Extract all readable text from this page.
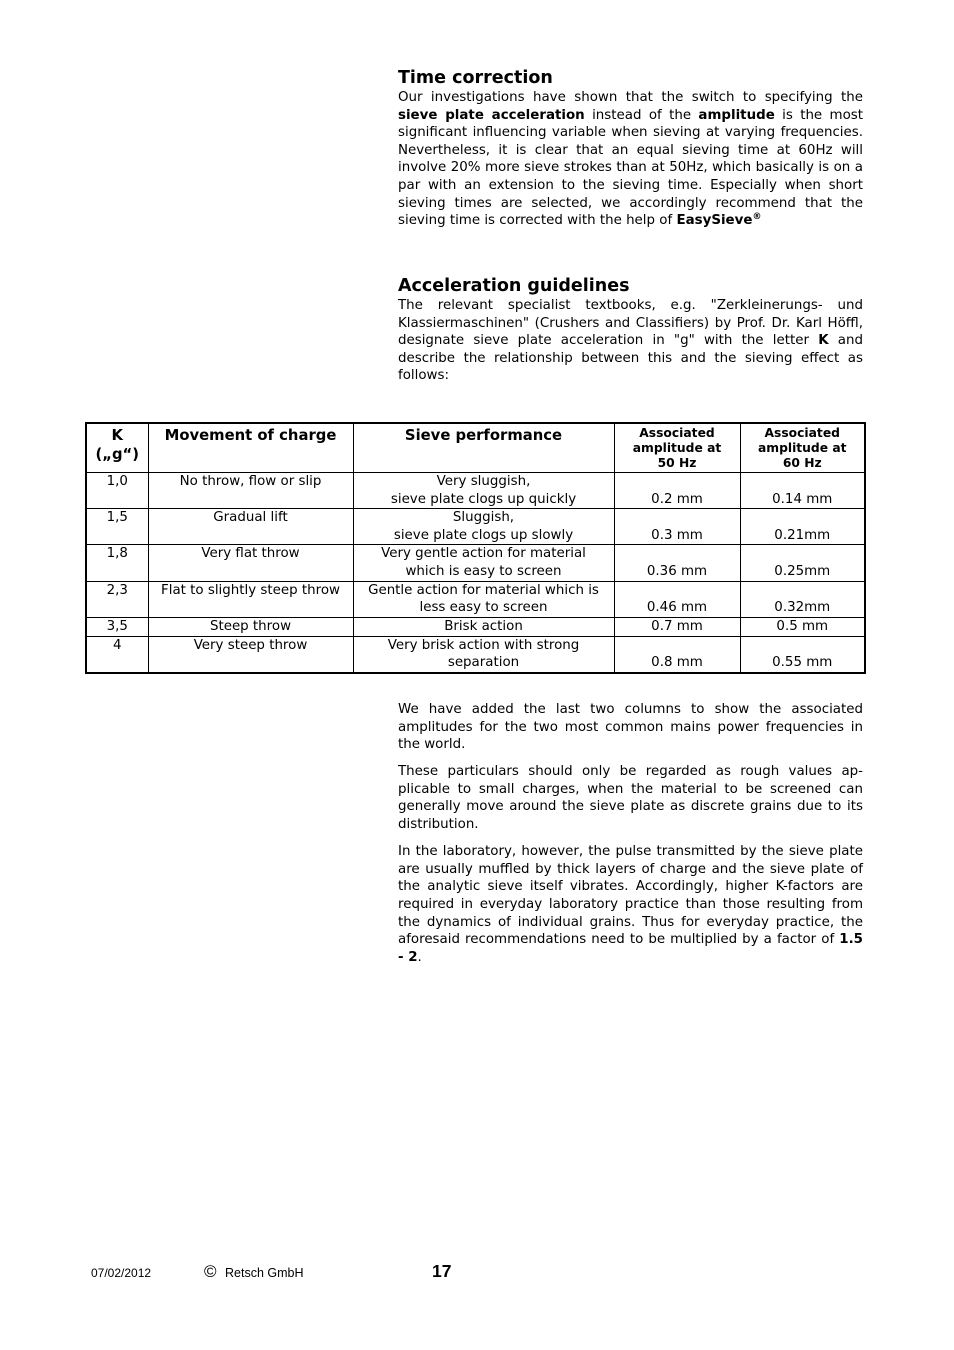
Time correction

Our investigations have shown that the switch to specifying the sieve plate acceleration instead of the amplitude is the most significant influencing variable when sieving at varying frequencies. Nevertheless, it is clear that an equal sieving time at 60Hz will involve 20% more sieve strokes than at 50Hz, which basically is on a par with an extension to the sieving time. Especially when short sieving times are selected, we accordingly recommend that the sieving time is corrected with the help of EasySieve®

Acceleration guidelines

The relevant specialist textbooks, e.g. "Zerkleinerungs- und Klassiermaschinen" (Crushers and Classifiers) by Prof. Dr. Karl Höffl, designate sieve plate acceleration in "g" with the letter K and describe the relationship between this and the sieving effect as follows:

K
(„g“)	Movement of charge	Sieve performance	Associated
amplitude at
50 Hz	Associated
amplitude at
60 Hz
1,0	No throw, flow or slip	Very sluggish,
sieve plate clogs up quickly	0.2 mm	0.14 mm
1,5	Gradual lift	Sluggish,
sieve plate clogs up slowly	0.3 mm	0.21mm
1,8	Very flat throw	Very gentle action for material
which is easy to screen	0.36 mm	0.25mm
2,3	Flat to slightly steep throw	Gentle action for material which is
less easy to screen	0.46 mm	0.32mm
3,5	Steep throw	Brisk action	0.7 mm	0.5 mm
4	Very steep throw	Very brisk action with strong
separation	0.8 mm	0.55 mm

We have added the last two columns to show the associated amplitudes for the two most common mains power frequencies in the world.

These particulars should only be regarded as rough values applicable to small charges, when the material to be screened can generally move around the sieve plate as discrete grains due to its distribution.

In the laboratory, however, the pulse transmitted by the sieve plate are usually muffled by thick layers of charge and the sieve plate of the analytic sieve itself vibrates. Accordingly, higher K-factors are required in everyday laboratory practice than those resulting from the dynamics of individual grains. Thus for everyday practice, the aforesaid recommendations need to be multiplied by a factor of 1.5 - 2.

07/02/2012	© Retsch GmbH	17
